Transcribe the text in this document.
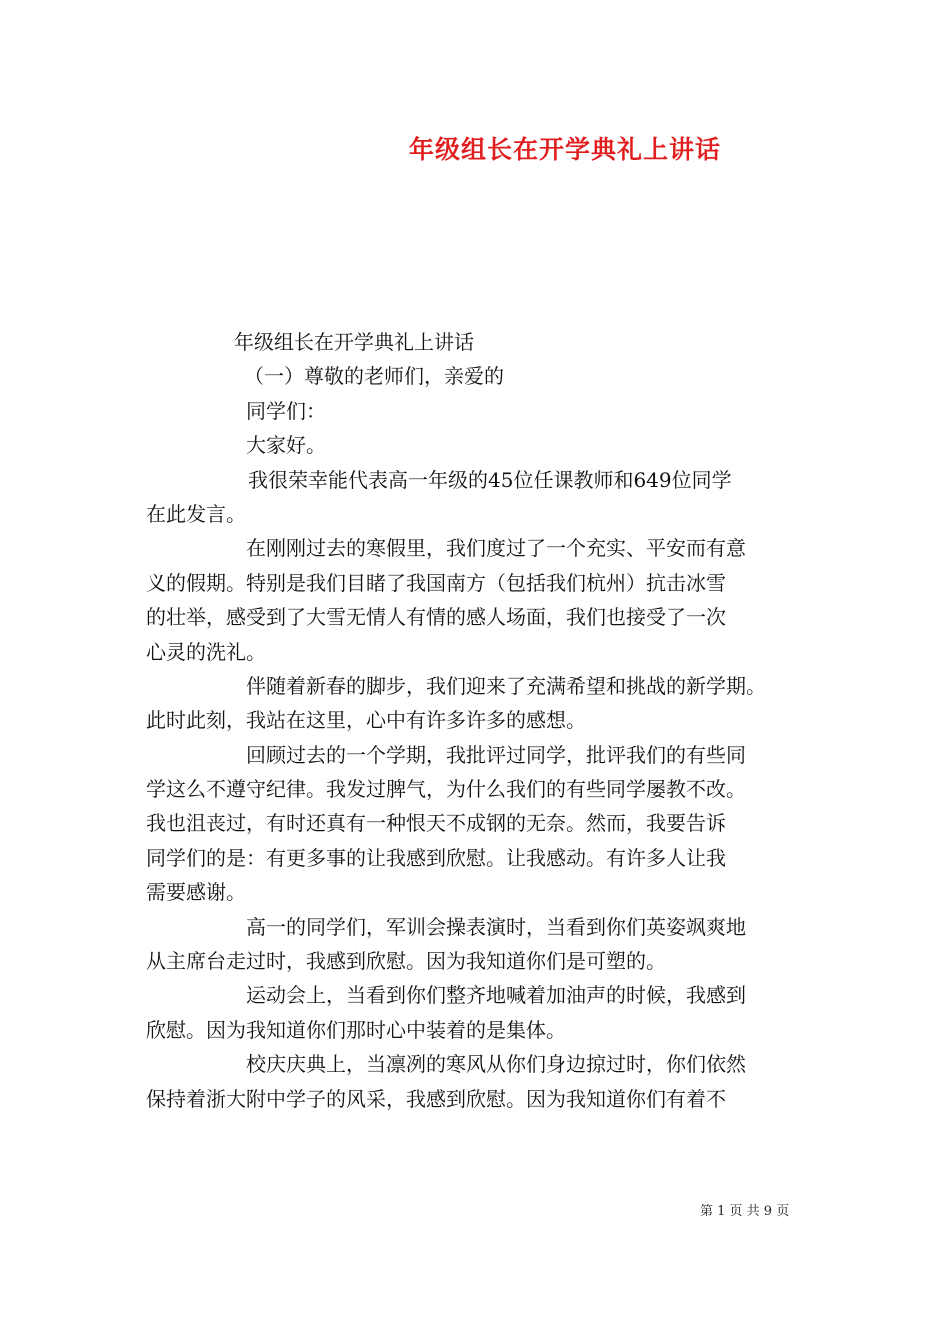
年级组长在开学典礼上讲话
年级组长在开学典礼上讲话
（一）尊敬的老师们，亲爱的
同学们：
大家好。
我很荣幸能代表高一年级的45位任课教师和649位同学
在此发言。
在刚刚过去的寒假里，我们度过了一个充实、平安而有意
义的假期。特别是我们目睹了我国南方（包括我们杭州）抗击冰雪
的壮举，感受到了大雪无情人有情的感人场面，我们也接受了一次
心灵的洗礼。
伴随着新春的脚步，我们迎来了充满希望和挑战的新学期。
此时此刻，我站在这里，心中有许多许多的感想。
回顾过去的一个学期，我批评过同学，批评我们的有些同
学这么不遵守纪律。我发过脾气，为什么我们的有些同学屡教不改。
我也沮丧过，有时还真有一种恨天不成钢的无奈。然而，我要告诉
同学们的是：有更多事的让我感到欣慰。让我感动。有许多人让我
需要感谢。
高一的同学们，军训会操表演时，当看到你们英姿飒爽地
从主席台走过时，我感到欣慰。因为我知道你们是可塑的。
运动会上，当看到你们整齐地喊着加油声的时候，我感到
欣慰。因为我知道你们那时心中装着的是集体。
校庆庆典上，当凛冽的寒风从你们身边掠过时，你们依然
保持着浙大附中学子的风采，我感到欣慰。因为我知道你们有着不
第 1 页 共 9 页
